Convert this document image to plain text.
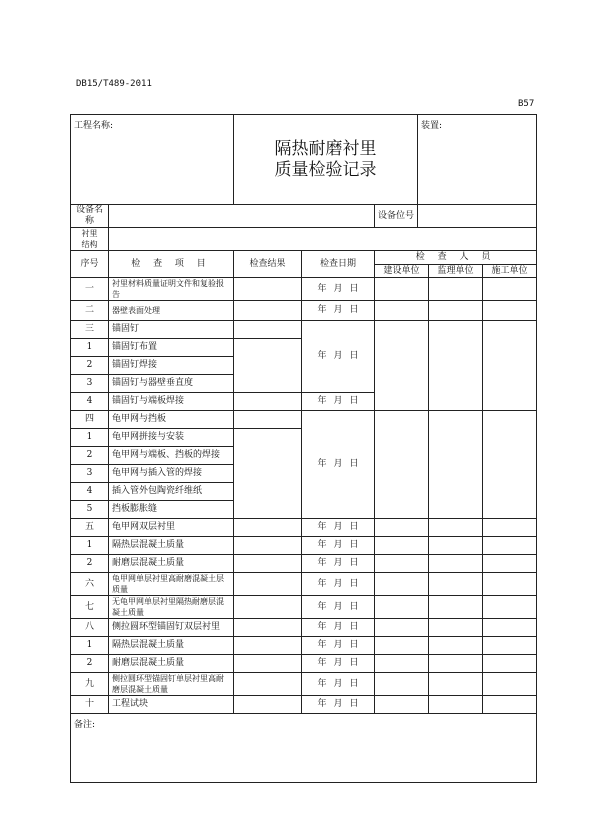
DB15/T489-2011
B57
工程名称:		隔热耐磨衬里
质量检验记录			装置:		
设备名称				设备位号			

衬里
结构							

序号	检 查 项 目	检查结果	检查日期	检 查 人 员			
				建设单位		监理单位	施工单位
一	衬里材料质量证明文件和复验报告		年 月 日				
二	器壁表面处理		年 月 日				
三	锚固钉		年 月 日				
1	锚固钉布置						
2	锚固钉焊接						
3	锚固钉与器壁垂直度						
4	锚固钉与端板焊接		年 月 日				
四	龟甲网与挡板		年 月 日				
1	龟甲网拼接与安装						
2	龟甲网与端板、挡板的焊接						
3	龟甲网与插入管的焊接						
4	插入管外包陶瓷纤维纸						
5	挡板膨胀缝						
五	龟甲网双层衬里		年 月 日				
1	隔热层混凝土质量		年 月 日				
2	耐磨层混凝土质量		年 月 日				
六	龟甲网单层衬里高耐磨混凝土层质量		年 月 日				
七	无龟甲网单层衬里隔热耐磨层混凝土质量		年 月 日				
八	侧拉圆环型锚固钉双层衬里		年 月 日				
1	隔热层混凝土质量		年 月 日				
2	耐磨层混凝土质量		年 月 日				
九	侧拉圆环型锚固钉单层衬里高耐磨层混凝土质量		年 月 日				
十	工程试块		年 月 日				
备注:							
